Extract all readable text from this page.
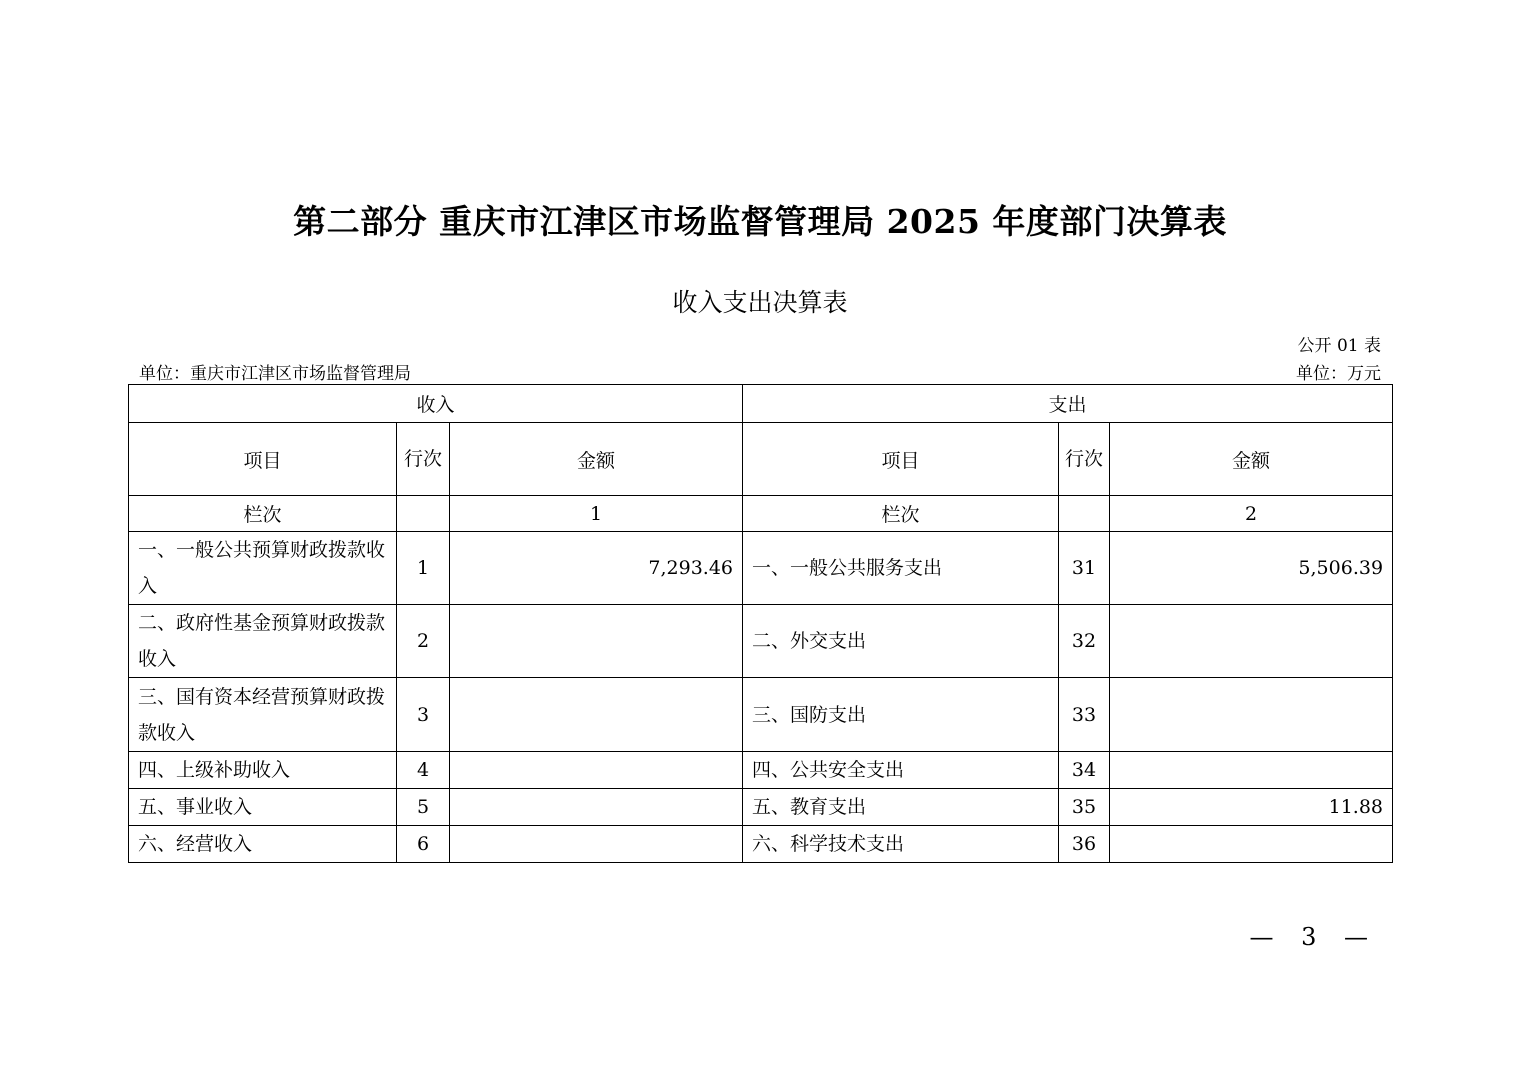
第二部分 重庆市江津区市场监督管理局 2025 年度部门决算表
收入支出决算表
公开 01 表
单位：重庆市江津区市场监督管理局	单位：万元
收入			支出		
项目	行次	金额	项目	行次	金额
栏次		1	栏次		2
一、一般公共预算财政拨款收入	1	7,293.46	一、一般公共服务支出	31	5,506.39
二、政府性基金预算财政拨款收入	2		二、外交支出	32	
三、国有资本经营预算财政拨款收入	3		三、国防支出	33	
四、上级补助收入	4		四、公共安全支出	34	
五、事业收入	5		五、教育支出	35	11.88
六、经营收入	6		六、科学技术支出	36	
— 3 —
